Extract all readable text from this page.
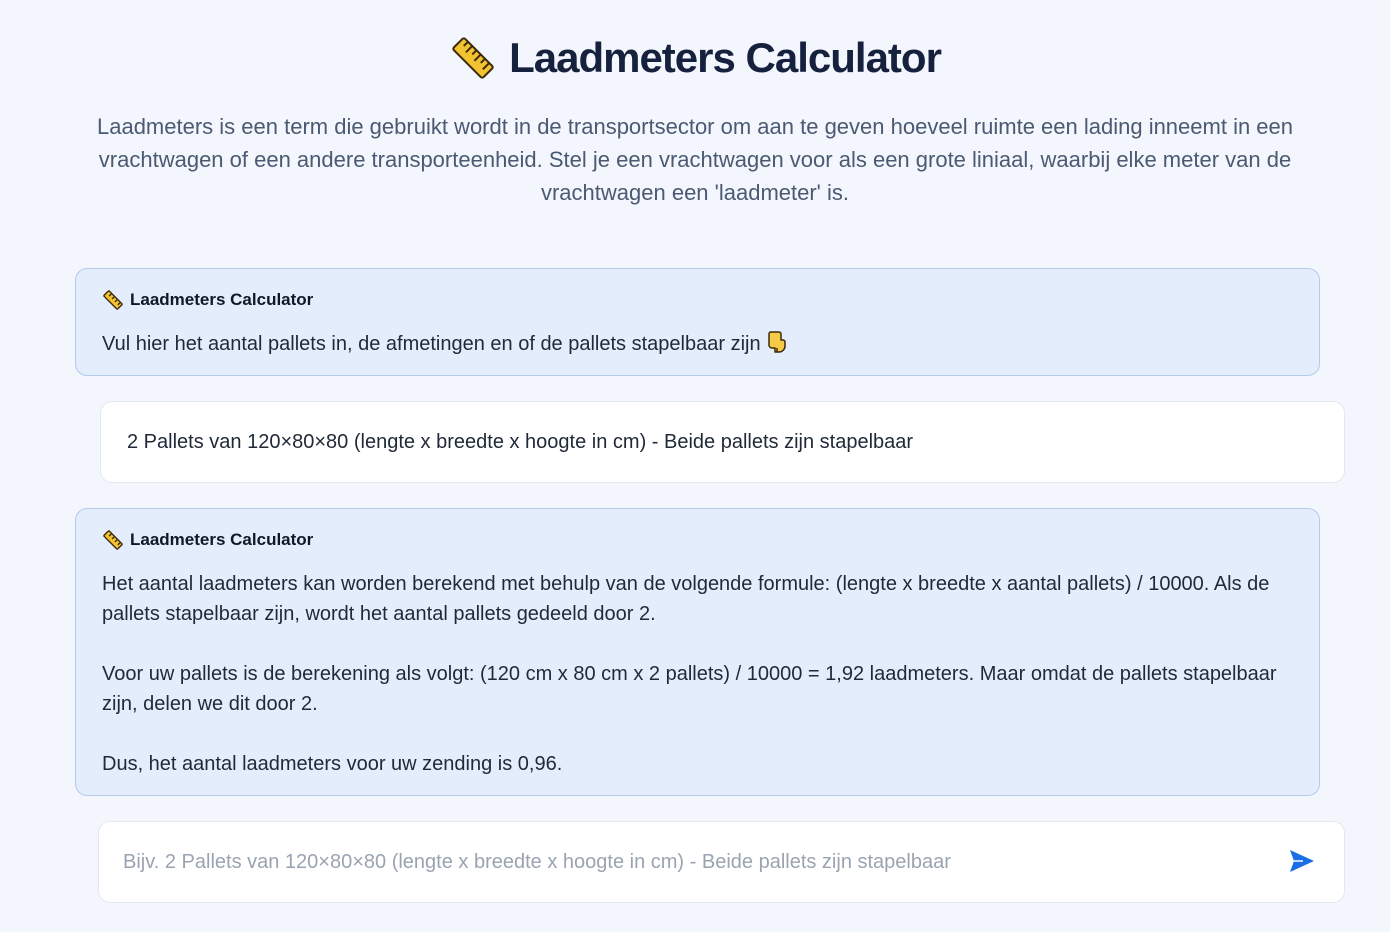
Laadmeters Calculator

Laadmeters is een term die gebruikt wordt in de transportsector om aan te geven hoeveel ruimte een lading inneemt in een vrachtwagen of een andere transporteenheid. Stel je een vrachtwagen voor als een grote liniaal, waarbij elke meter van de vrachtwagen een 'laadmeter' is.

Laadmeters Calculator
Vul hier het aantal pallets in, de afmetingen en of de pallets stapelbaar zijn
2 Pallets van 120×80×80 (lengte x breedte x hoogte in cm) - Beide pallets zijn stapelbaar
Laadmeters Calculator

Het aantal laadmeters kan worden berekend met behulp van de volgende formule: (lengte x breedte x aantal pallets) / 10000. Als de pallets stapelbaar zijn, wordt het aantal pallets gedeeld door 2.

Voor uw pallets is de berekening als volgt: (120 cm x 80 cm x 2 pallets) / 10000 = 1,92 laadmeters. Maar omdat de pallets stapelbaar zijn, delen we dit door 2.

Dus, het aantal laadmeters voor uw zending is 0,96.

Bijv. 2 Pallets van 120×80×80 (lengte x breedte x hoogte in cm) - Beide pallets zijn stapelbaar
